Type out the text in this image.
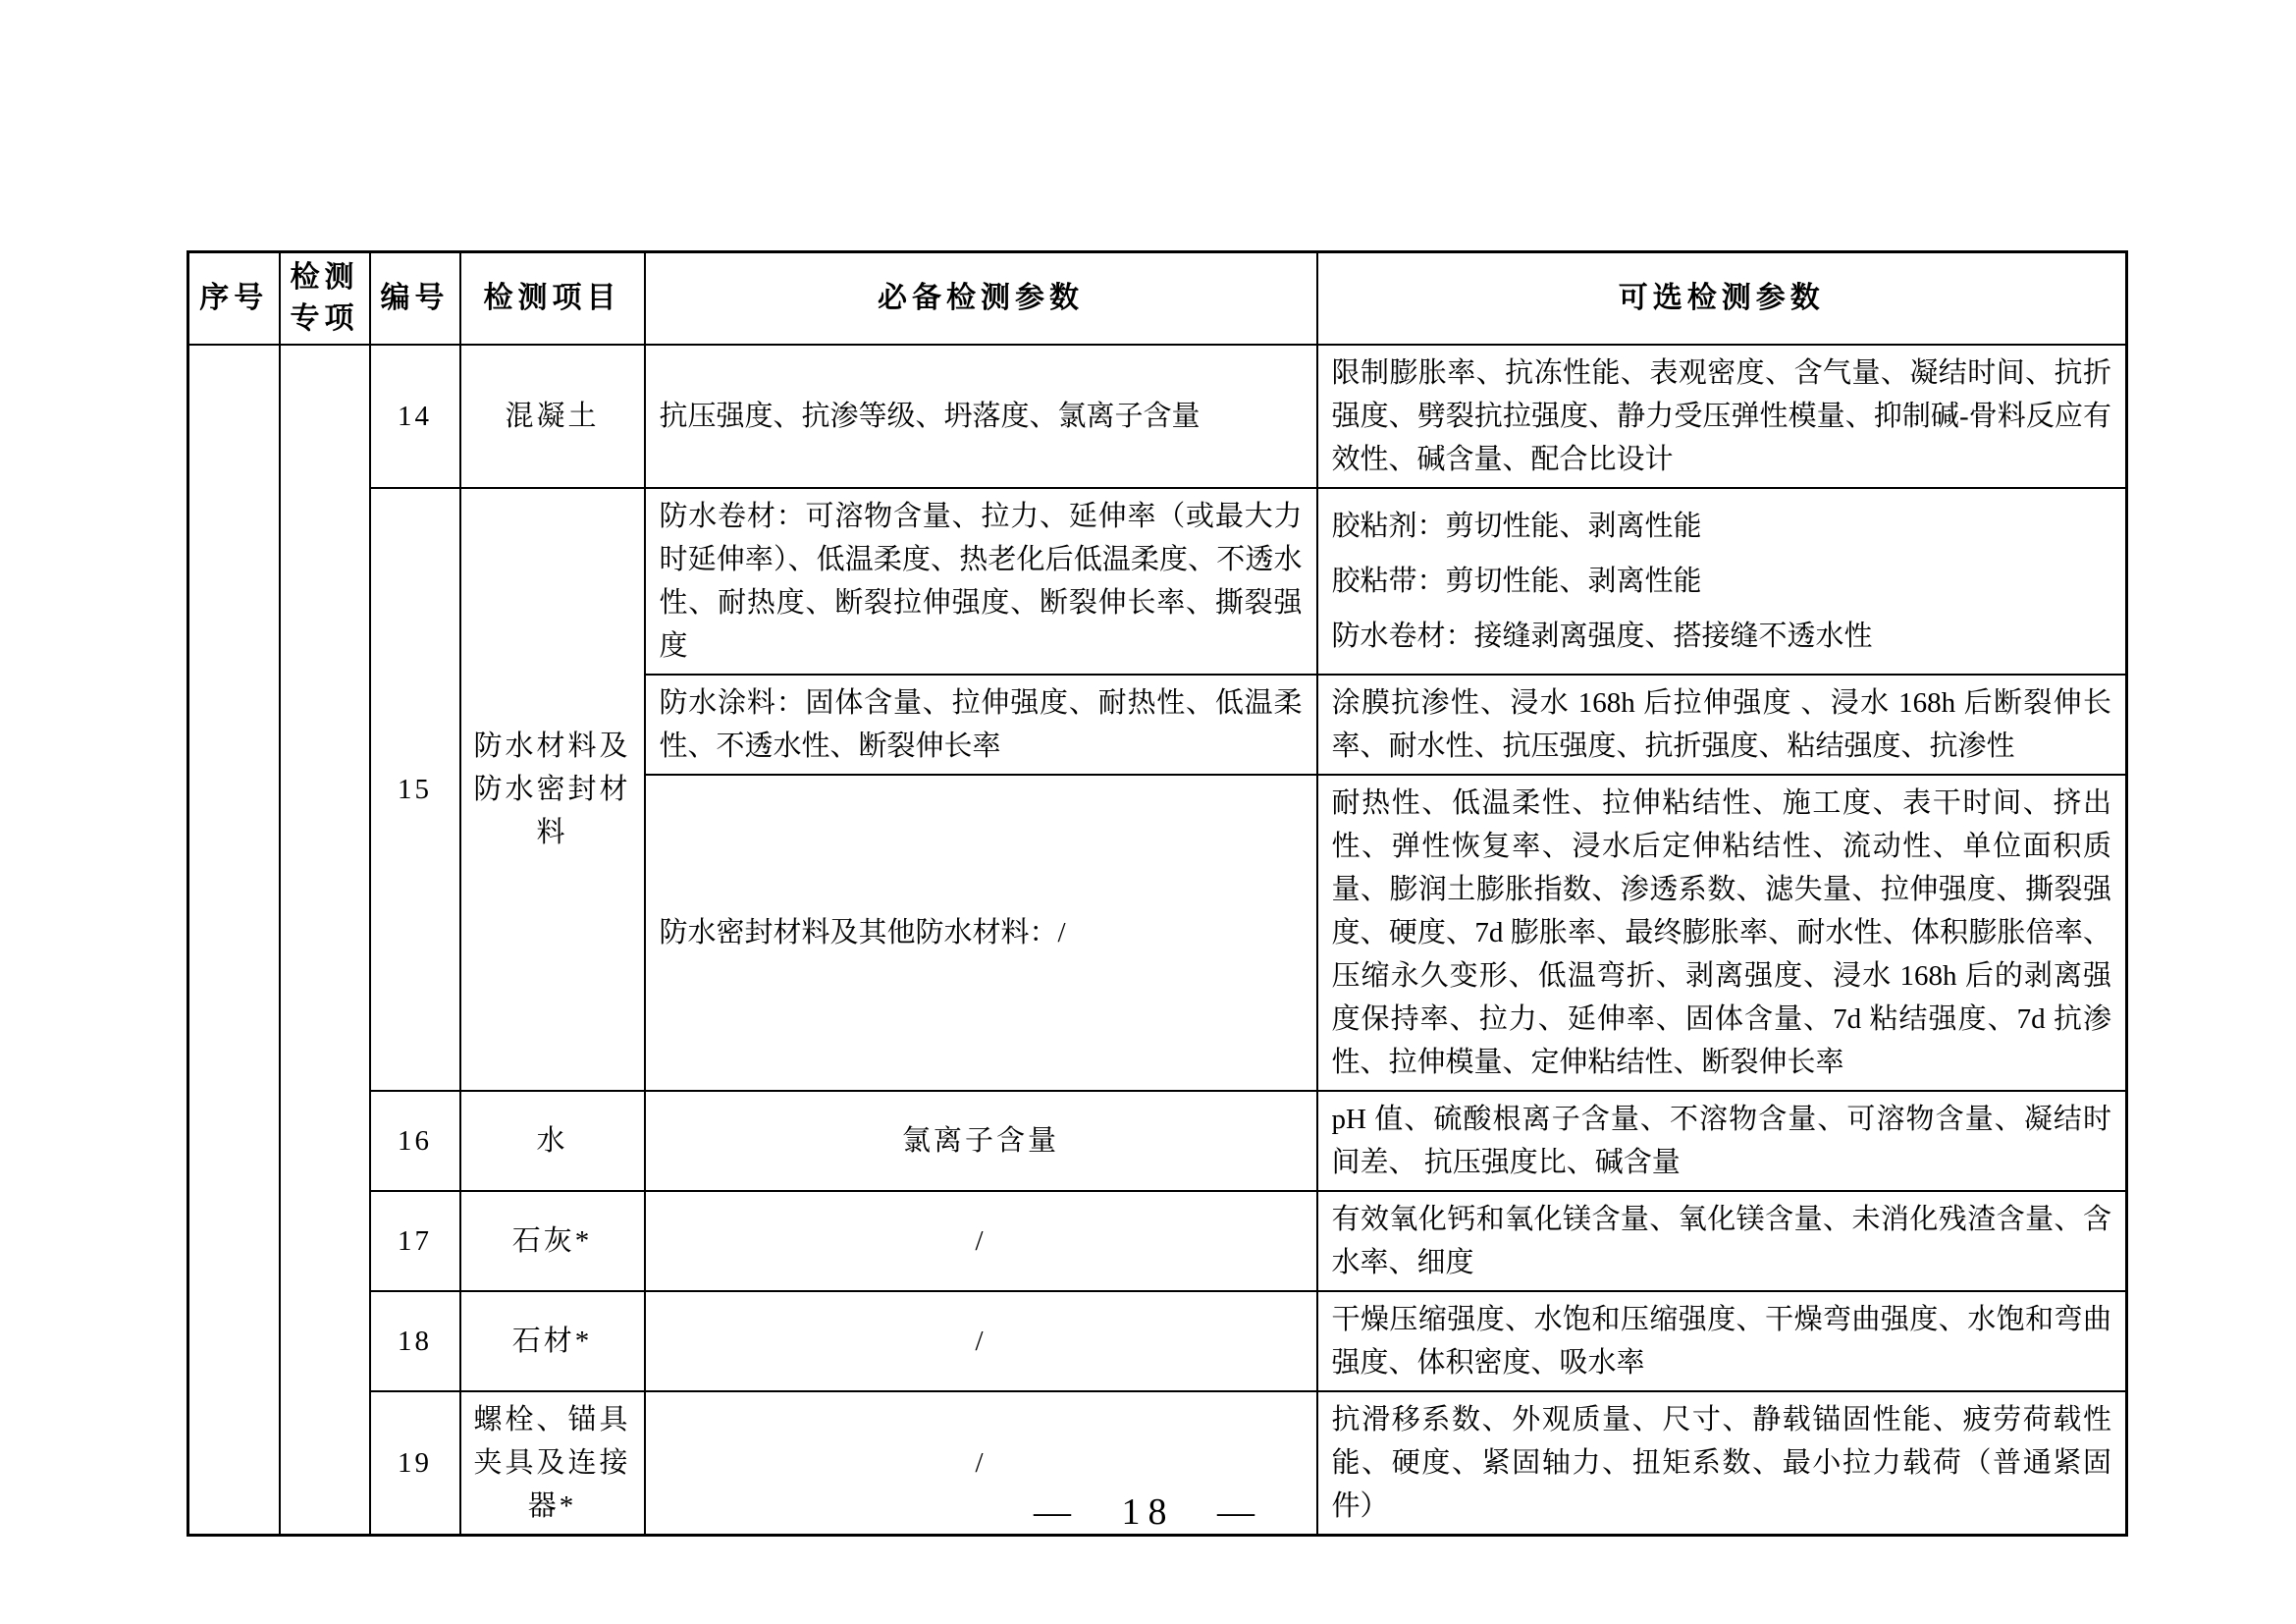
序号	检测专项	编号	检测项目	必备检测参数	可选检测参数
		14	混凝土	抗压强度、抗渗等级、坍落度、氯离子含量	限制膨胀率、抗冻性能、表观密度、含气量、凝结时间、抗折强度、劈裂抗拉强度、静力受压弹性模量、抑制碱-骨料反应有效性、碱含量、配合比设计
		15	防水材料及防水密封材料	防水卷材：可溶物含量、拉力、延伸率（或最大力时延伸率）、低温柔度、热老化后低温柔度、不透水性、耐热度、断裂拉伸强度、断裂伸长率、撕裂强度	胶粘剂：剪切性能、剥离性能
胶粘带：剪切性能、剥离性能
防水卷材：接缝剥离强度、搭接缝不透水性

				防水涂料：固体含量、拉伸强度、耐热性、低温柔性、不透水性、断裂伸长率	涂膜抗渗性、浸水 168h 后拉伸强度 、浸水 168h 后断裂伸长率、耐水性、抗压强度、抗折强度、粘结强度、抗渗性
				防水密封材料及其他防水材料：/	耐热性、低温柔性、拉伸粘结性、施工度、表干时间、挤出性、弹性恢复率、浸水后定伸粘结性、流动性、单位面积质量、膨润土膨胀指数、渗透系数、滤失量、拉伸强度、撕裂强度、硬度、7d 膨胀率、最终膨胀率、耐水性、体积膨胀倍率、压缩永久变形、低温弯折、剥离强度、浸水 168h 后的剥离强度保持率、拉力、延伸率、固体含量、7d 粘结强度、7d 抗渗性、拉伸模量、定伸粘结性、断裂伸长率
		16	水	氯离子含量	pH 值、硫酸根离子含量、不溶物含量、可溶物含量、凝结时间差、 抗压强度比、碱含量
		17	石灰*	/	有效氧化钙和氧化镁含量、氧化镁含量、未消化残渣含量、含水率、细度
		18	石材*	/	干燥压缩强度、水饱和压缩强度、干燥弯曲强度、水饱和弯曲强度、体积密度、吸水率
		19	螺栓、锚具夹具及连接器*	/	抗滑移系数、外观质量、尺寸、静载锚固性能、疲劳荷载性能、硬度、紧固轴力、扭矩系数、最小拉力载荷（普通紧固件）
— 18 —
